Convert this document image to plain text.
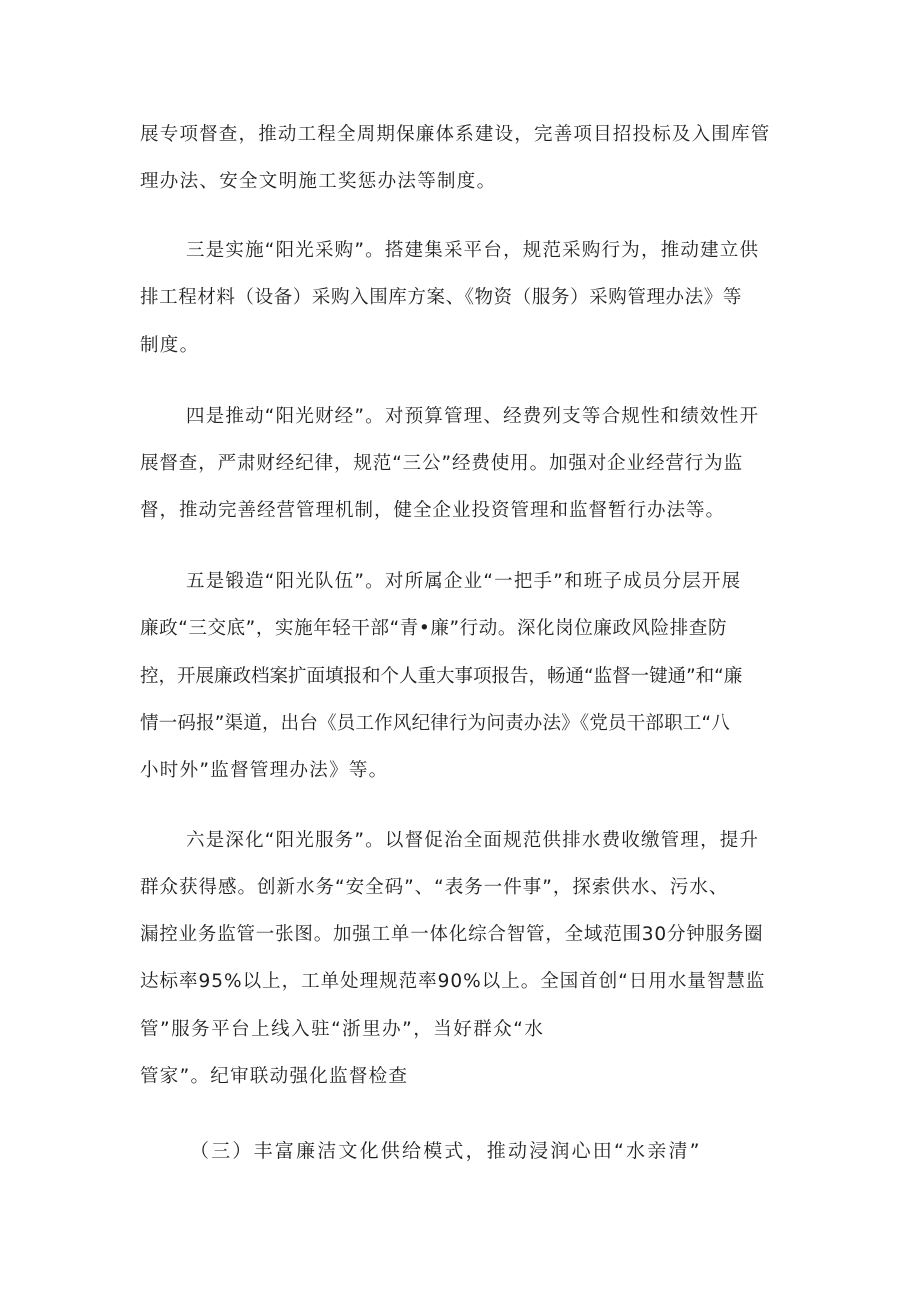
展专项督查，推动工程全周期保廉体系建设，完善项目招投标及入围库管
理办法、安全文明施工奖惩办法等制度。
三是实施“阳光采购”。搭建集采平台，规范采购行为，推动建立供
排工程材料（设备）采购入围库方案、《物资（服务）采购管理办法》等
制度。
四是推动“阳光财经”。对预算管理、经费列支等合规性和绩效性开
展督查，严肃财经纪律，规范“三公”经费使用。加强对企业经营行为监
督，推动完善经营管理机制，健全企业投资管理和监督暂行办法等。
五是锻造“阳光队伍”。对所属企业“一把手”和班子成员分层开展
廉政“三交底”，实施年轻干部“青•廉”行动。深化岗位廉政风险排查防
控，开展廉政档案扩面填报和个人重大事项报告，畅通“监督一键通”和“廉
情一码报”渠道，出台《员工作风纪律行为问责办法》《党员干部职工“八
小时外”监督管理办法》等。
六是深化“阳光服务”。以督促治全面规范供排水费收缴管理，提升
群众获得感。创新水务“安全码”、“表务一件事”，探索供水、污水、
漏控业务监管一张图。加强工单一体化综合智管，全域范围30分钟服务圈
达标率95%以上，工单处理规范率90%以上。全国首创“日用水量智慧监
管”服务平台上线入驻“浙里办”，当好群众“水
管家”。纪审联动强化监督检查
（三）丰富廉洁文化供给模式，推动浸润心田“水亲清”
